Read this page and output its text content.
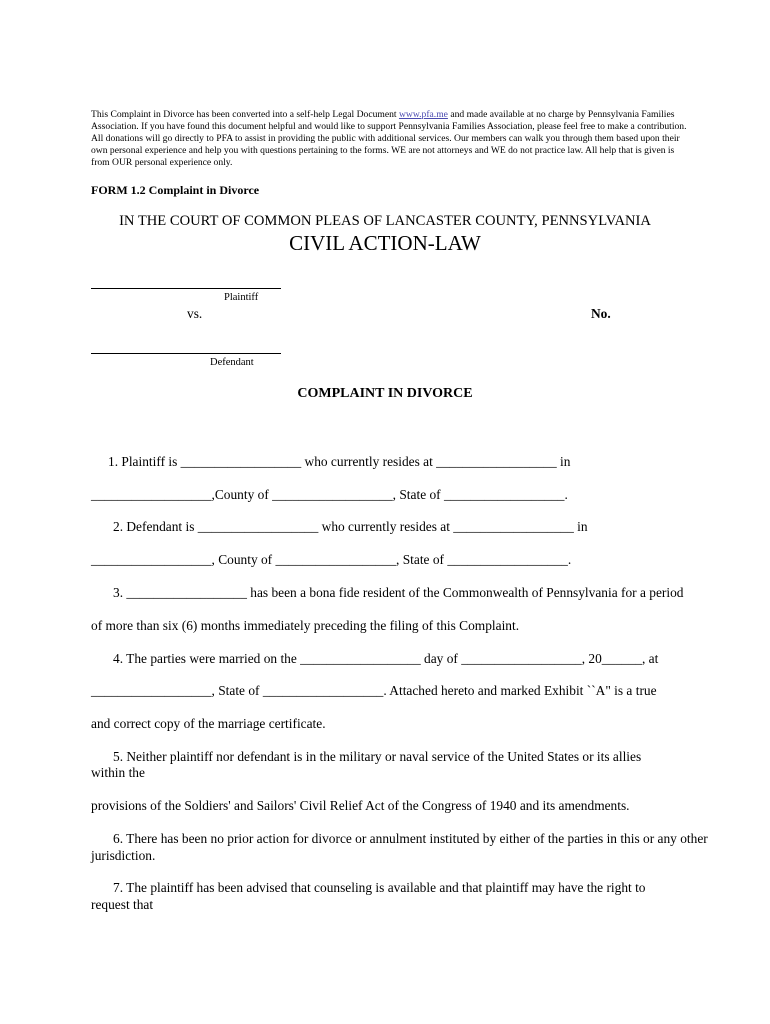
This Complaint in Divorce has been converted into a self-help Legal Document www.pfa.me and made available at no charge by Pennsylvania Families Association. If you have found this document helpful and would like to support Pennsylvania Families Association, please feel free to make a contribution. All donations will go directly to PFA to assist in providing the public with additional services. Our members can walk you through them based upon their own personal experience and help you with questions pertaining to the forms. WE are not attorneys and WE do not practice law. All help that is given is from OUR personal experience only.
FORM 1.2 Complaint in Divorce
IN THE COURT OF COMMON PLEAS OF LANCASTER COUNTY, PENNSYLVANIA
CIVIL ACTION-LAW
Plaintiff
vs.	No.
Defendant
COMPLAINT IN DIVORCE
1. Plaintiff is __________________ who currently resides at __________________ in
__________________,County of __________________, State of __________________.
2. Defendant is __________________ who currently resides at __________________ in
__________________, County of __________________, State of __________________.
3. __________________ has been a bona fide resident of the Commonwealth of Pennsylvania for a period
of more than six (6) months immediately preceding the filing of this Complaint.
4. The parties were married on the __________________ day of __________________, 20______, at
__________________, State of __________________. Attached hereto and marked Exhibit ``A" is a true
and correct copy of the marriage certificate.
5. Neither plaintiff nor defendant is in the military or naval service of the United States or its allies
within the
provisions of the Soldiers' and Sailors' Civil Relief Act of the Congress of 1940 and its amendments.
6. There has been no prior action for divorce or annulment instituted by either of the parties in this or any other
jurisdiction.
7. The plaintiff has been advised that counseling is available and that plaintiff may have the right to
request that
